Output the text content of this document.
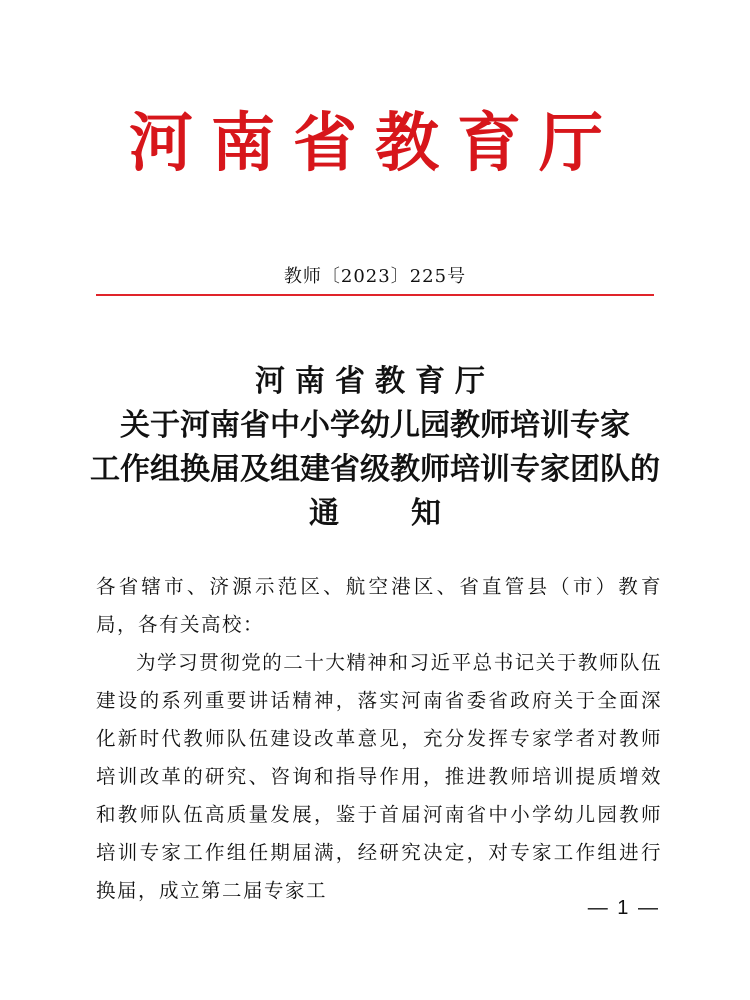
河南省教育厅
教师〔2023〕225号
河南省教育厅
关于河南省中小学幼儿园教师培训专家
工作组换届及组建省级教师培训专家团队的
通 知

各省辖市、济源示范区、航空港区、省直管县（市）教育局，各有关高校：

为学习贯彻党的二十大精神和习近平总书记关于教师队伍建设的系列重要讲话精神，落实河南省委省政府关于全面深化新时代教师队伍建设改革意见，充分发挥专家学者对教师培训改革的研究、咨询和指导作用，推进教师培训提质增效和教师队伍高质量发展，鉴于首届河南省中小学幼儿园教师培训专家工作组任期届满，经研究决定，对专家工作组进行换届，成立第二届专家工

— 1 —
